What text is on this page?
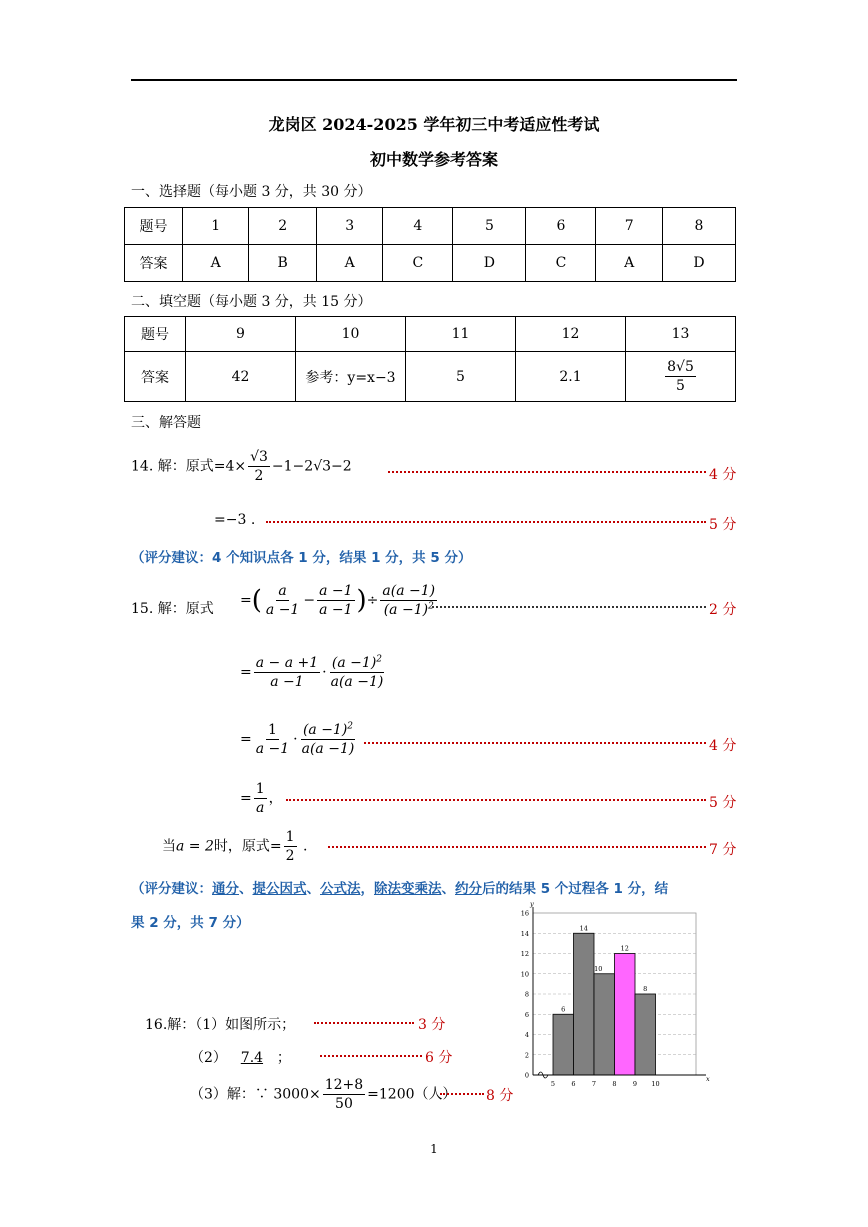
龙岗区 2024-2025 学年初三中考适应性考试
初中数学参考答案
一、选择题（每小题 3 分，共 30 分）
题号	1	2	3	4	5	6	7	8
答案	A	B	A	C	D	C	A	D
二、填空题（每小题 3 分，共 15 分）
题号	9	10	11	12	13
答案	42	参考：y=x−3	5	2.1	$\frac{8√5}{5}$
三、解答题
14. 解：原式$=4\times \frac{√3}{2} -1-2√3-2$
4 分
=−3 .	5 分
（评分建议：4 个知识点各 1 分，结果 1 分，共 5 分）
15. 解：原式
=( $\frac{a}{a -1} - \frac{a -1}{a -1}$ )÷ $\frac{a(a -1)}{(a -1)^2}$	2 分
= $\frac{a - a +1}{a -1} \cdot \frac{(a -1)^2}{a(a -1)}$
= $\frac{1}{a -1} \cdot \frac{(a -1)^2}{a(a -1)}$	4 分
= $\frac{1}{a}$ ，	5 分
当a = 2时，原式= $\frac{1}{2}$ .	7 分
（评分建议：通分、提公因式、公式法，除法变乘法、约分后的结果 5 个过程各 1 分，结
果 2 分，共 7 分）
16.解：（1）如图所示；	3 分
（2） 7.4 ；	6 分
（3）解：∵ $3000\times \frac{12+8}{50} =1200$（人） 8 分
0
2
4
6
8
10
12
14
16
6
14
10
12
8
5	6	7	8	9 10
x
y
1
